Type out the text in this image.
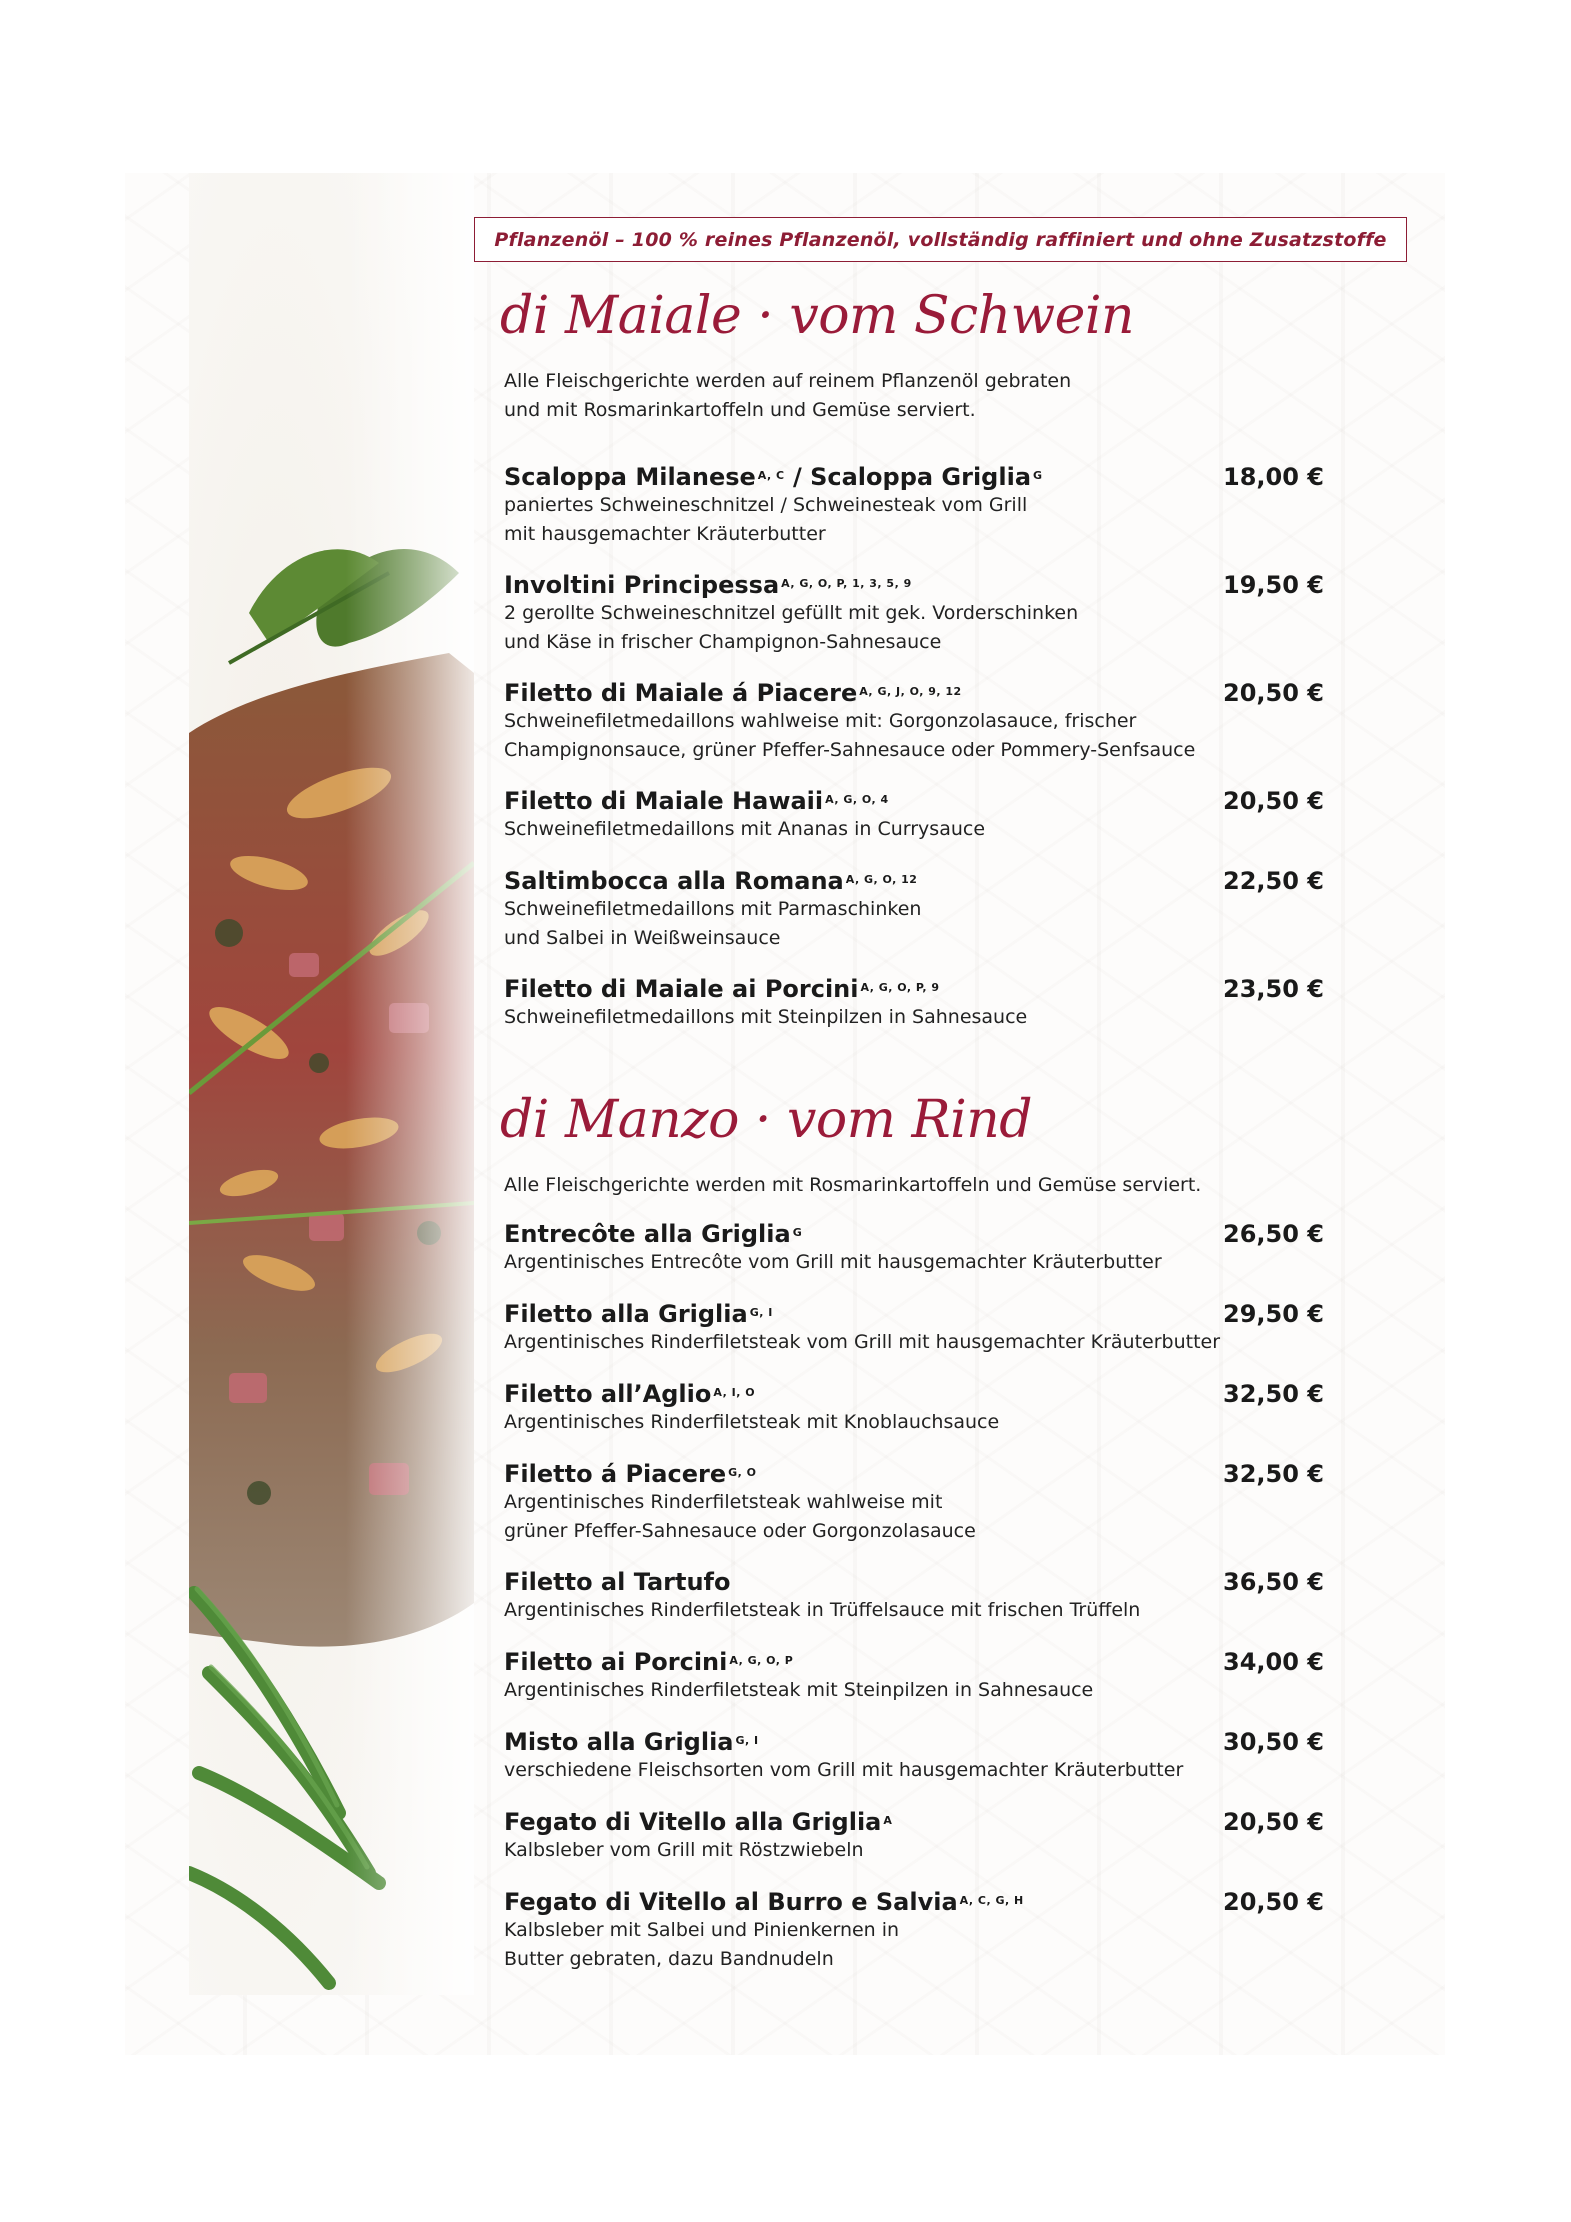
Pflanzenöl – 100 % reines Pflanzenöl, vollständig raffiniert und ohne Zusatzstoffe
di Maiale · vom Schwein
Alle Fleischgerichte werden auf reinem Pflanzenöl gebraten
und mit Rosmarinkartoffeln und Gemüse serviert.
Scaloppa Milanese $^{A, C}$ / Scaloppa Griglia $^G$
paniertes Schweineschnitzel / Schweinesteak vom Grill
mit hausgemachter Kräuterbutter
18,00 €
Involtini Principessa $^{A, G, O, P, 1, 3, 5, 9}$
2 gerollte Schweineschnitzel gefüllt mit gek. Vorderschinken
und Käse in frischer Champignon-Sahnesauce
19,50 €
Filetto di Maiale á Piacere $^{A, G, J, O, 9, 12}$
Schweinefiletmedaillons wahlweise mit: Gorgonzolasauce, frischer
Champignonsauce, grüner Pfeffer-Sahnesauce oder Pommery-Senfsauce
20,50 €
Filetto di Maiale Hawaii $^{A, G, O, 4}$
Schweinefiletmedaillons mit Ananas in Currysauce
20,50 €
Saltimbocca alla Romana $^{A, G, O, 12}$
Schweinefiletmedaillons mit Parmaschinken
und Salbei in Weißweinsauce
22,50 €
Filetto di Maiale ai Porcini $^{A, G, O, P, 9}$
Schweinefiletmedaillons mit Steinpilzen in Sahnesauce
23,50 €
di Manzo · vom Rind
Alle Fleischgerichte werden mit Rosmarinkartoffeln und Gemüse serviert.
Entrecôte alla Griglia $^G$
Argentinisches Entrecôte vom Grill mit hausgemachter Kräuterbutter
26,50 €
Filetto alla Griglia $^{G, I}$
Argentinisches Rinderfiletsteak vom Grill mit hausgemachter Kräuterbutter
29,50 €
Filetto all’Aglio $^{A, I, O}$
Argentinisches Rinderfiletsteak mit Knoblauchsauce
32,50 €
Filetto á Piacere $^{G, O}$
Argentinisches Rinderfiletsteak wahlweise mit
grüner Pfeffer-Sahnesauce oder Gorgonzolasauce
32,50 €
Filetto al Tartufo
Argentinisches Rinderfiletsteak in Trüffelsauce mit frischen Trüffeln
36,50 €
Filetto ai Porcini $^{A, G, O, P}$
Argentinisches Rinderfiletsteak mit Steinpilzen in Sahnesauce
34,00 €
Misto alla Griglia $^{G, I}$
verschiedene Fleischsorten vom Grill mit hausgemachter Kräuterbutter
30,50 €
Fegato di Vitello alla Griglia $^A$
Kalbsleber vom Grill mit Röstzwiebeln
20,50 €
Fegato di Vitello al Burro e Salvia $^{A, C, G, H}$
Kalbsleber mit Salbei und Pinienkernen in
Butter gebraten, dazu Bandnudeln
20,50 €
